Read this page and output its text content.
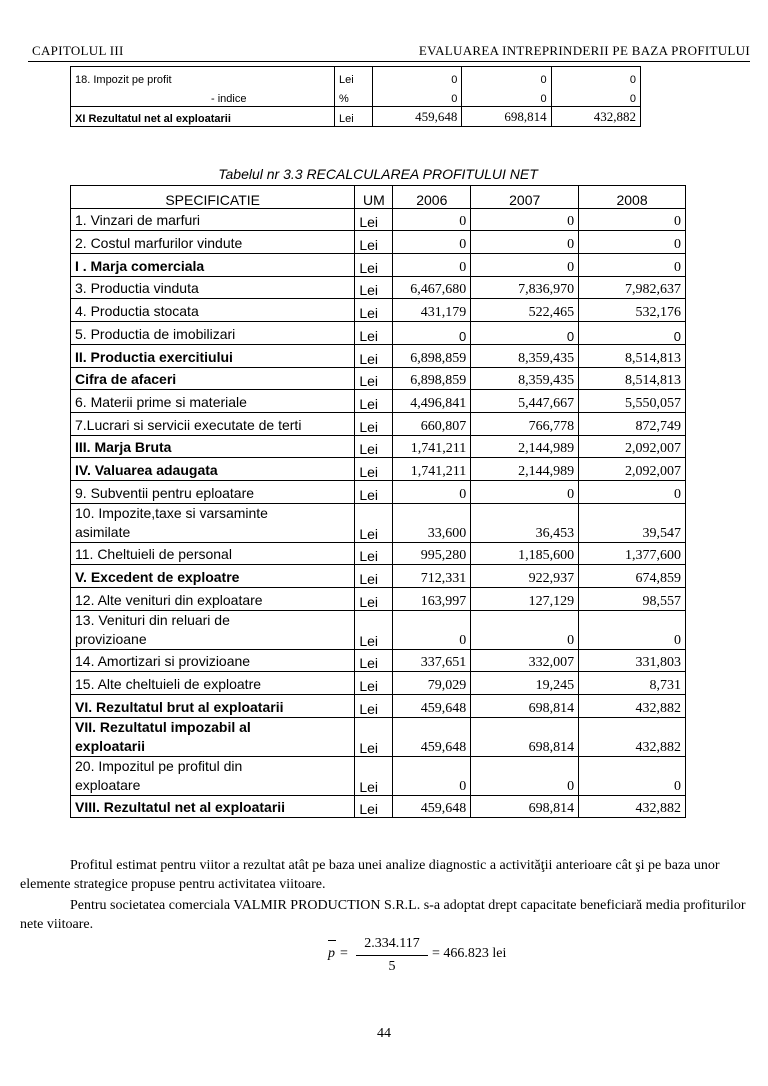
CAPITOLUL III	EVALUAREA INTREPRINDERII PE BAZA PROFITULUI
18. Impozit pe profit	Lei	0	0	0
- indice	%	0	0	0
XI Rezultatul net al exploatarii	Lei	459,648	698,814	432,882
Tabelul nr 3.3 RECALCULAREA PROFITULUI NET
SPECIFICATIE	UM	2006	2007	2008
1. Vinzari de marfuri	Lei	0	0	0
2. Costul marfurilor vindute	Lei	0	0	0
I . Marja comerciala	Lei	0	0	0
3. Productia vinduta	Lei	6,467,680	7,836,970	7,982,637
4. Productia stocata	Lei	431,179	522,465	532,176
5. Productia de imobilizari	Lei	0	0	0
II. Productia exercitiului	Lei	6,898,859	8,359,435	8,514,813
Cifra de afaceri	Lei	6,898,859	8,359,435	8,514,813
6. Materii prime si materiale	Lei	4,496,841	5,447,667	5,550,057
7.Lucrari si servicii executate de terti	Lei	660,807	766,778	872,749
III. Marja Bruta	Lei	1,741,211	2,144,989	2,092,007
IV. Valuarea adaugata	Lei	1,741,211	2,144,989	2,092,007
9. Subventii pentru eploatare	Lei	0	0	0
10. Impozite,taxe si varsaminte
asimilate	Lei	33,600	36,453	39,547
11. Cheltuieli de personal	Lei	995,280	1,185,600	1,377,600
V. Excedent de exploatre	Lei	712,331	922,937	674,859
12. Alte venituri din exploatare	Lei	163,997	127,129	98,557
13. Venituri din reluari de
provizioane	Lei	0	0	0
14. Amortizari si provizioane	Lei	337,651	332,007	331,803
15. Alte cheltuieli de exploatre	Lei	79,029	19,245	8,731
VI. Rezultatul brut al exploatarii	Lei	459,648	698,814	432,882
VII. Rezultatul impozabil al
exploatarii	Lei	459,648	698,814	432,882
20. Impozitul pe profitul din
exploatare	Lei	0	0	0
VIII. Rezultatul net al exploatarii	Lei	459,648	698,814	432,882
Profitul estimat pentru viitor a rezultat atât pe baza unei analize diagnostic a activităţii anterioare cât şi pe baza unor elemente strategice propuse pentru activitatea viitoare.
Pentru societatea comerciala VALMIR PRODUCTION S.R.L. s-a adoptat drept capacitate beneficiară media profiturilor nete viitoare.
p =
2.334.117
5
= 466.823 lei
44
